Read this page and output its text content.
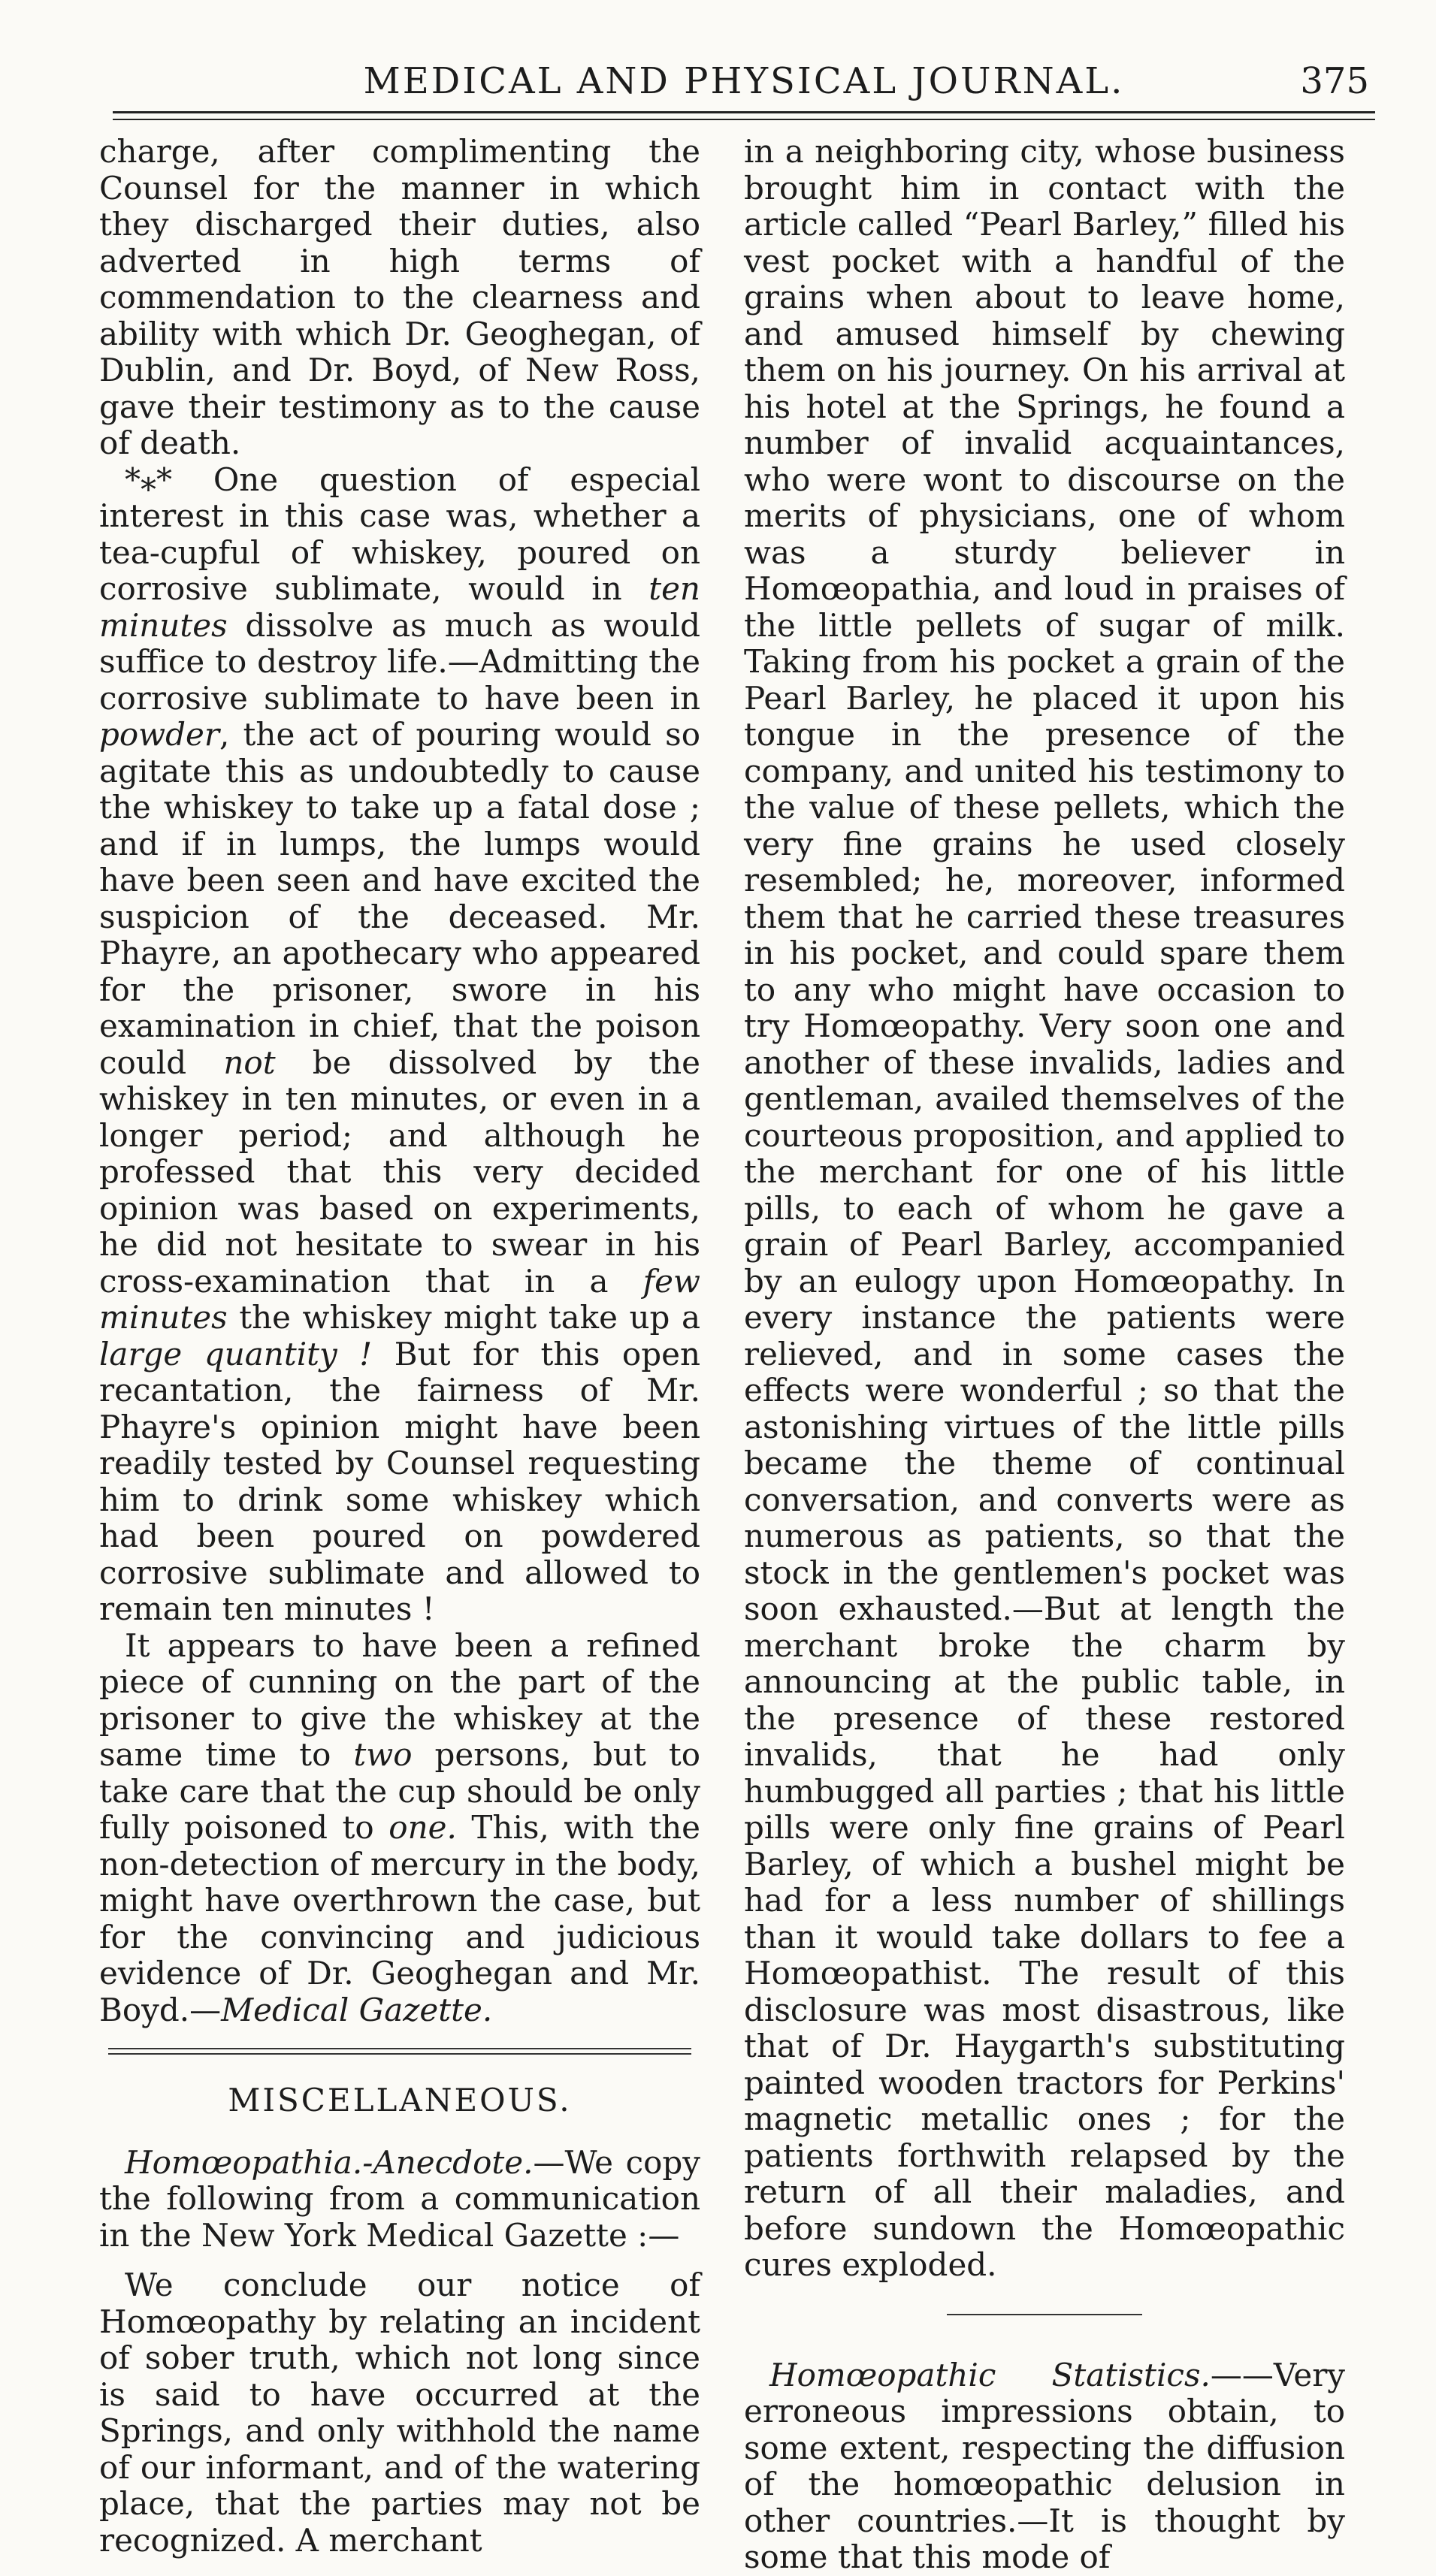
MEDICAL AND PHYSICAL JOURNAL.	375

charge, after complimenting the Counsel for the manner in which they discharged their duties, also adverted in high terms of commendation to the clearness and ability with which Dr. Geoghegan, of Dublin, and Dr. Boyd, of New Ross, gave their testimony as to the cause of death.

*⁎* One question of especial interest in this case was, whether a tea-cupful of whiskey, poured on corrosive sublimate, would in ten minutes dissolve as much as would suffice to destroy life.—Admitting the corrosive sublimate to have been in powder, the act of pouring would so agitate this as undoubtedly to cause the whiskey to take up a fatal dose ; and if in lumps, the lumps would have been seen and have excited the suspicion of the deceased. Mr. Phayre, an apothecary who appeared for the prisoner, swore in his examination in chief, that the poison could not be dissolved by the whiskey in ten minutes, or even in a longer period; and although he professed that this very decided opinion was based on experiments, he did not hesitate to swear in his cross-examination that in a few minutes the whiskey might take up a large quantity ! But for this open recantation, the fairness of Mr. Phayre's opinion might have been readily tested by Counsel requesting him to drink some whiskey which had been poured on powdered corrosive sublimate and allowed to remain ten minutes !

It appears to have been a refined piece of cunning on the part of the prisoner to give the whiskey at the same time to two persons, but to take care that the cup should be only fully poisoned to one. This, with the non-detection of mercury in the body, might have overthrown the case, but for the convincing and judicious evidence of Dr. Geoghegan and Mr. Boyd.—Medical Gazette.

MISCELLANEOUS.

Homœopathia.-Anecdote.—We copy the following from a communication in the New York Medical Gazette :—

We conclude our notice of Homœopathy by relating an incident of sober truth, which not long since is said to have occurred at the Springs, and only withhold the name of our informant, and of the watering place, that the parties may not be recognized. A merchant

in a neighboring city, whose business brought him in contact with the article called “Pearl Barley,” filled his vest pocket with a handful of the grains when about to leave home, and amused himself by chewing them on his journey. On his arrival at his hotel at the Springs, he found a number of invalid acquaintances, who were wont to discourse on the merits of physicians, one of whom was a sturdy believer in Homœopathia, and loud in praises of the little pellets of sugar of milk. Taking from his pocket a grain of the Pearl Barley, he placed it upon his tongue in the presence of the company, and united his testimony to the value of these pellets, which the very fine grains he used closely resembled; he, moreover, informed them that he carried these treasures in his pocket, and could spare them to any who might have occasion to try Homœopathy. Very soon one and another of these invalids, ladies and gentleman, availed themselves of the courteous proposition, and applied to the merchant for one of his little pills, to each of whom he gave a grain of Pearl Barley, accompanied by an eulogy upon Homœopathy. In every instance the patients were relieved, and in some cases the effects were wonderful ; so that the astonishing virtues of the little pills became the theme of continual conversation, and converts were as numerous as patients, so that the stock in the gentlemen's pocket was soon exhausted.—But at length the merchant broke the charm by announcing at the public table, in the presence of these restored invalids, that he had only humbugged all parties ; that his little pills were only fine grains of Pearl Barley, of which a bushel might be had for a less number of shillings than it would take dollars to fee a Homœopathist. The result of this disclosure was most disastrous, like that of Dr. Haygarth's substituting painted wooden tractors for Perkins' magnetic metallic ones ; for the patients forthwith relapsed by the return of all their maladies, and before sundown the Homœopathic cures exploded.

Homœopathic Statistics.——Very erroneous impressions obtain, to some extent, respecting the diffusion of the homœopathic delusion in other countries.—It is thought by some that this mode of
